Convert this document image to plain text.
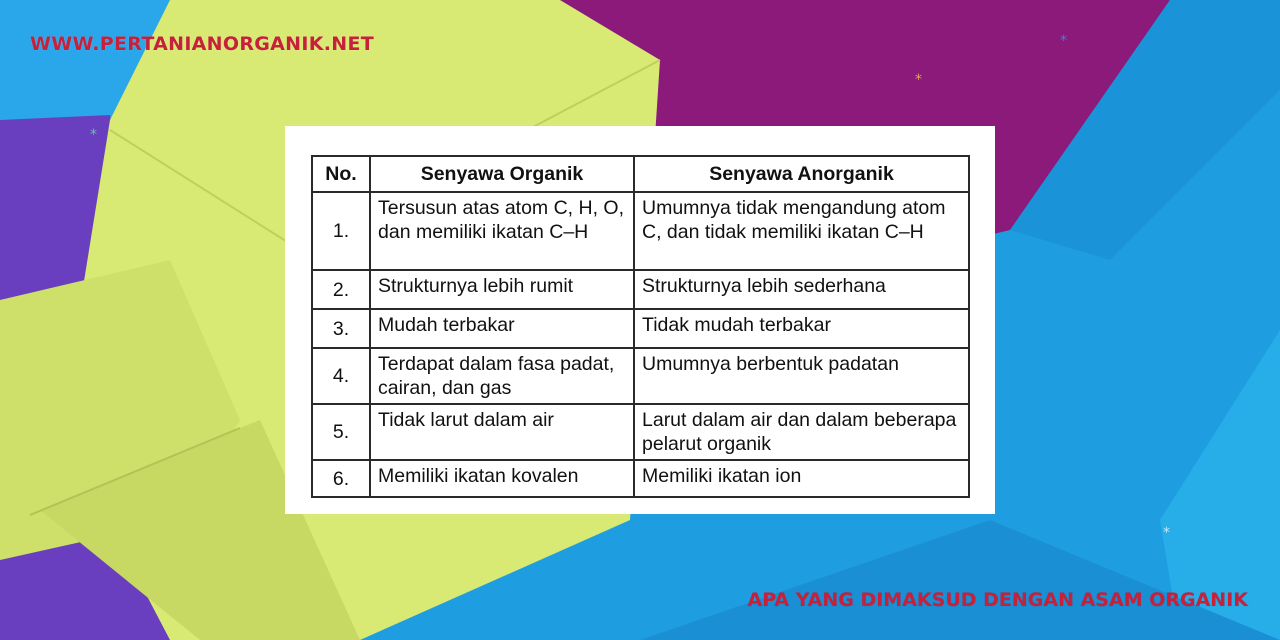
WWW.PERTANIANORGANIK.NET
*
*
*
*
No.	Senyawa Organik	Senyawa Anorganik
1.	Tersusun atas atom C, H, O, dan memiliki ikatan C–H	Umumnya tidak mengandung atom C, dan tidak memiliki ikatan C–H
2.	Strukturnya lebih rumit	Strukturnya lebih sederhana
3.	Mudah terbakar	Tidak mudah terbakar
4.	Terdapat dalam fasa padat, cairan, dan gas	Umumnya berbentuk padatan
5.	Tidak larut dalam air	Larut dalam air dan dalam beberapa pelarut organik
6.	Memiliki ikatan kovalen	Memiliki ikatan ion
APA YANG DIMAKSUD DENGAN ASAM ORGANIK
